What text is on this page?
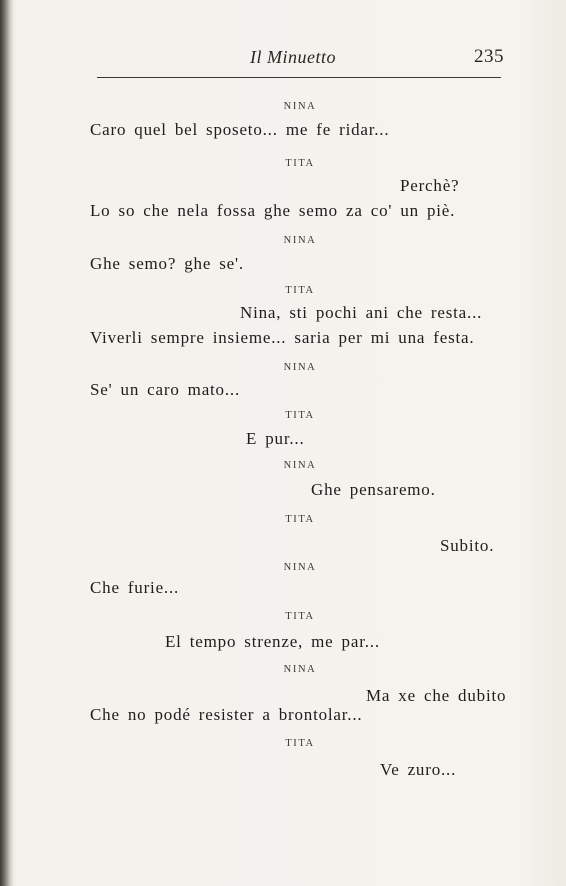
Il Minuetto	235
NINA
Caro quel bel sposeto... me fe ridar...
TITA
Perchè?
Lo so che nela fossa ghe semo za co' un piè.
NINA
Ghe semo? ghe se'.
TITA
Nina, sti pochi ani che resta...
Viverli sempre insieme... saria per mi una festa.
NINA
Se' un caro mato...
TITA
E pur...
NINA
Ghe pensaremo.
TITA
Subito.
NINA
Che furie...
TITA
El tempo strenze, me par...
NINA
Ma xe che dubito
Che no podé resister a brontolar...
TITA
Ve zuro...
